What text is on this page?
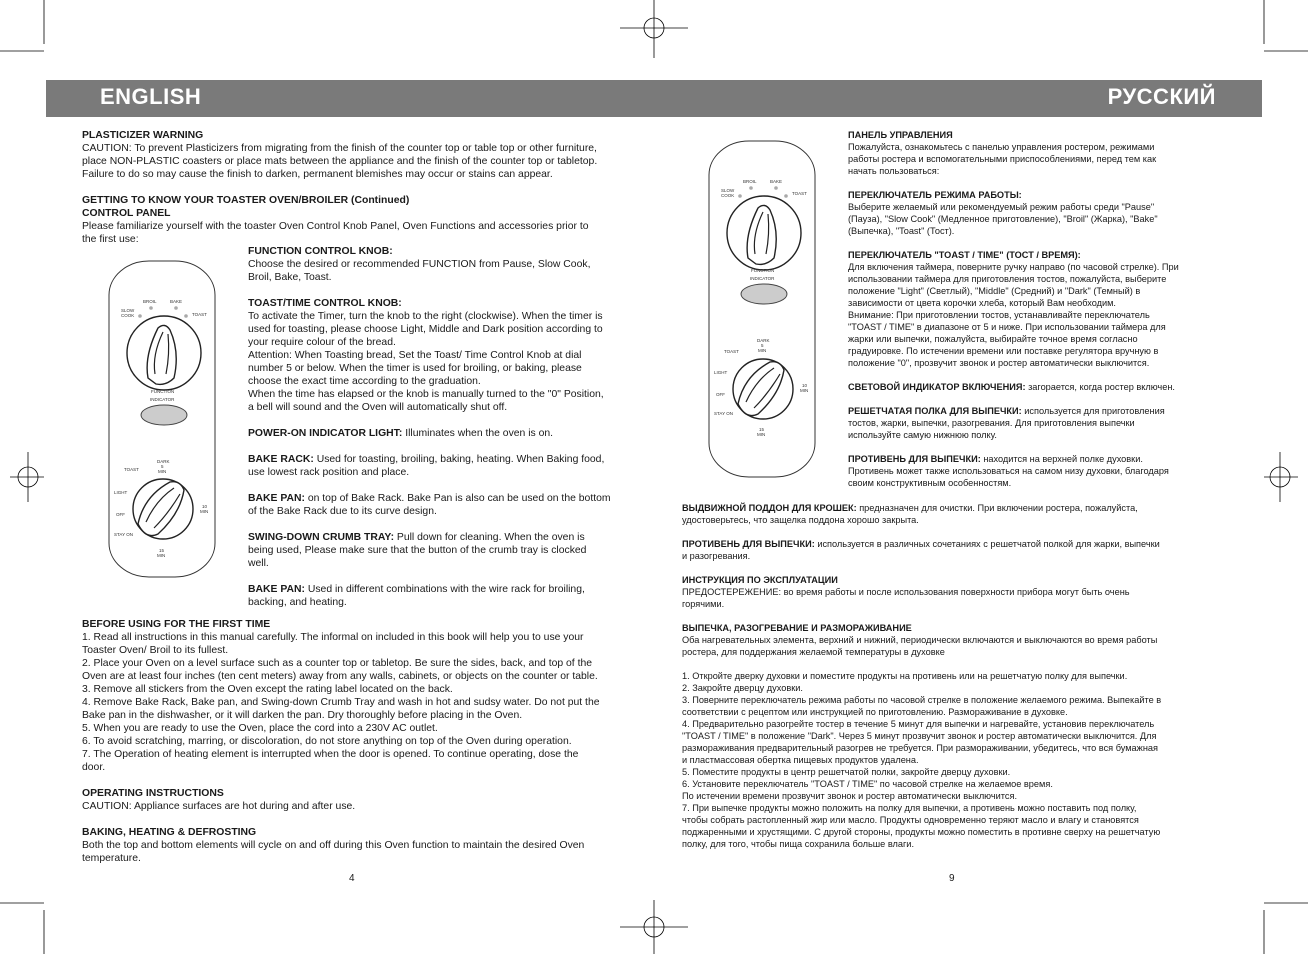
ENGLISH	РУССКИЙ

PLASTICIZER WARNING

CAUTION: To prevent Plasticizers from migrating from the finish of the counter top or table top or other furniture,

place NON-PLASTIC coasters or place mats between the appliance and the finish of the counter top or tabletop.

Failure to do so may cause the finish to darken, permanent blemishes may occur or stains can appear.

GETTING TO KNOW YOUR TOASTER OVEN/BROILER (Continued)

CONTROL PANEL

Please familiarize yourself with the toaster Oven Control Knob Panel, Oven Functions and accessories prior to

the first use:

FUNCTION CONTROL KNOB:

Choose the desired or recommended FUNCTION from Pause, Slow Cook,

Broil, Bake, Toast.

TOAST/TIME CONTROL KNOB:

To activate the Timer, turn the knob to the right (clockwise). When the timer is

used for toasting, please choose Light, Middle and Dark position according to

your require colour of the bread.

Attention: When Toasting bread, Set the Toast/ Time Control Knob at dial

number 5 or below. When the timer is used for broiling, or baking, please

choose the exact time according to the graduation.

When the time has elapsed or the knob is manually turned to the "0" Position,

a bell will sound and the Oven will automatically shut off.

POWER-ON INDICATOR LIGHT: Illuminates when the oven is on.

BAKE RACK: Used for toasting, broiling, baking, heating. When Baking food,

use lowest rack position and place.

BAKE PAN: on top of Bake Rack. Bake Pan is also can be used on the bottom

of the Bake Rack due to its curve design.

SWING-DOWN CRUMB TRAY: Pull down for cleaning. When the oven is

being used, Please make sure that the button of the crumb tray is clocked

well.

BAKE PAN: Used in different combinations with the wire rack for broiling,

backing, and heating.

BEFORE USING FOR THE FIRST TIME

1. Read all instructions in this manual carefully. The informal on included in this book will help you to use your

Toaster Oven/ Broil to its fullest.

2. Place your Oven on a level surface such as a counter top or tabletop. Be sure the sides, back, and top of the

Oven are at least four inches (ten cent meters) away from any walls, cabinets, or objects on the counter or table.

3. Remove all stickers from the Oven except the rating label located on the back.

4. Remove Bake Rack, Bake pan, and Swing-down Crumb Tray and wash in hot and sudsy water. Do not put the

Bake pan in the dishwasher, or it will darken the pan. Dry thoroughly before placing in the Oven.

5. When you are ready to use the Oven, place the cord into a 230V AC outlet.

6. To avoid scratching, marring, or discoloration, do not store anything on top of the Oven during operation.

7. The Operation of heating element is interrupted when the door is opened. To continue operating, dose the

door.

OPERATING INSTRUCTIONS

CAUTION: Appliance surfaces are hot during and after use.

BAKING, HEATING & DEFROSTING

Both the top and bottom elements will cycle on and off during this Oven function to maintain the desired Oven

temperature.

4
BROIL	BAKE
SLOW
COOK	TOAST
FUNCTION
INDICATOR
DARK
5
MIN
TOAST
LIGHT
OFF
STAY ON
10
MIN
15
MIN
BROIL	BAKE
SLOW
COOK	TOAST
FUNCTION
INDICATOR
DARK
5
MIN
TOAST
LIGHT
OFF
STAY ON
10
MIN
15
MIN

ПАНЕЛЬ УПРАВЛЕНИЯ

Пожалуйста, ознакомьтесь с панелью управления ростером, режимами

работы ростера и вспомогательными приспособлениями, перед тем как

начать пользоваться:

ПЕРЕКЛЮЧАТЕЛЬ РЕЖИМА РАБОТЫ:

Выберите желаемый или рекомендуемый режим работы среди "Pause"

(Пауза), "Slow Cook" (Медленное приготовление), "Broil" (Жарка), "Bake"

(Выпечка), "Toast" (Тост).

ПЕРЕКЛЮЧАТЕЛЬ "TOAST / TIME" (ТОСТ / ВРЕМЯ):

Для включения таймера, поверните ручку направо (по часовой стрелке). При

использовании таймера для приготовления тостов, пожалуйста, выберите

положение "Light" (Светлый), "Middle" (Средний) и "Dark" (Темный) в

зависимости от цвета корочки хлеба, который Вам необходим.

Внимание: При приготовлении тостов, устанавливайте переключатель

"TOAST / TIME" в диапазоне от 5 и ниже. При использовании таймера для

жарки или выпечки, пожалуйста, выбирайте точное время согласно

градуировке. По истечении времени или поставке регулятора вручную в

положение "0", прозвучит звонок и ростер автоматически выключится.

СВЕТОВОЙ ИНДИКАТОР ВКЛЮЧЕНИЯ: загорается, когда ростер включен.

РЕШЕТЧАТАЯ ПОЛКА ДЛЯ ВЫПЕЧКИ: используется для приготовления

тостов, жарки, выпечки, разогревания. Для приготовления выпечки

используйте самую нижнюю полку.

ПРОТИВЕНЬ ДЛЯ ВЫПЕЧКИ: находится на верхней полке духовки.

Противень может также использоваться на самом низу духовки, благодаря

своим конструктивным особенностям.

ВЫДВИЖНОЙ ПОДДОН ДЛЯ КРОШЕК: предназначен для очистки. При включении ростера, пожалуйста,

удостоверьтесь, что защелка поддона хорошо закрыта.

ПРОТИВЕНЬ ДЛЯ ВЫПЕЧКИ: используется в различных сочетаниях с решетчатой полкой для жарки, выпечки

и разогревания.

ИНСТРУКЦИЯ ПО ЭКСПЛУАТАЦИИ

ПРЕДОСТЕРЕЖЕНИЕ: во время работы и после использования поверхности прибора могут быть очень

горячими.

ВЫПЕЧКА, РАЗОГРЕВАНИЕ И РАЗМОРАЖИВАНИЕ

Оба нагревательных элемента, верхний и нижний, периодически включаются и выключаются во время работы

ростера, для поддержания желаемой температуры в духовке

1. Откройте дверку духовки и поместите продукты на противень или на решетчатую полку для выпечки.

2. Закройте дверцу духовки.

3. Поверните переключатель режима работы по часовой стрелке в положение желаемого режима. Выпекайте в

соответствии с рецептом или инструкцией по приготовлению. Размораживание в духовке.

4. Предварительно разогрейте тостер в течение 5 минут для выпечки и нагревайте, установив переключатель

"TOAST / TIME" в положение "Dark". Через 5 минут прозвучит звонок и ростер автоматически выключится. Для

размораживания предварительный разогрев не требуется. При размораживании, убедитесь, что вся бумажная

и пластмассовая обертка пищевых продуктов удалена.

5. Поместите продукты в центр решетчатой полки, закройте дверцу духовки.

6. Установите переключатель "TOAST / TIME" по часовой стрелке на желаемое время.

По истечении времени прозвучит звонок и ростер автоматически выключится.

7. При выпечке продукты можно положить на полку для выпечки, а противень можно поставить под полку,

чтобы собрать растопленный жир или масло. Продукты одновременно теряют масло и влагу и становятся

поджаренными и хрустящими. С другой стороны, продукты можно поместить в противне сверху на решетчатую

полку, для того, чтобы пища сохранила больше влаги.

9
